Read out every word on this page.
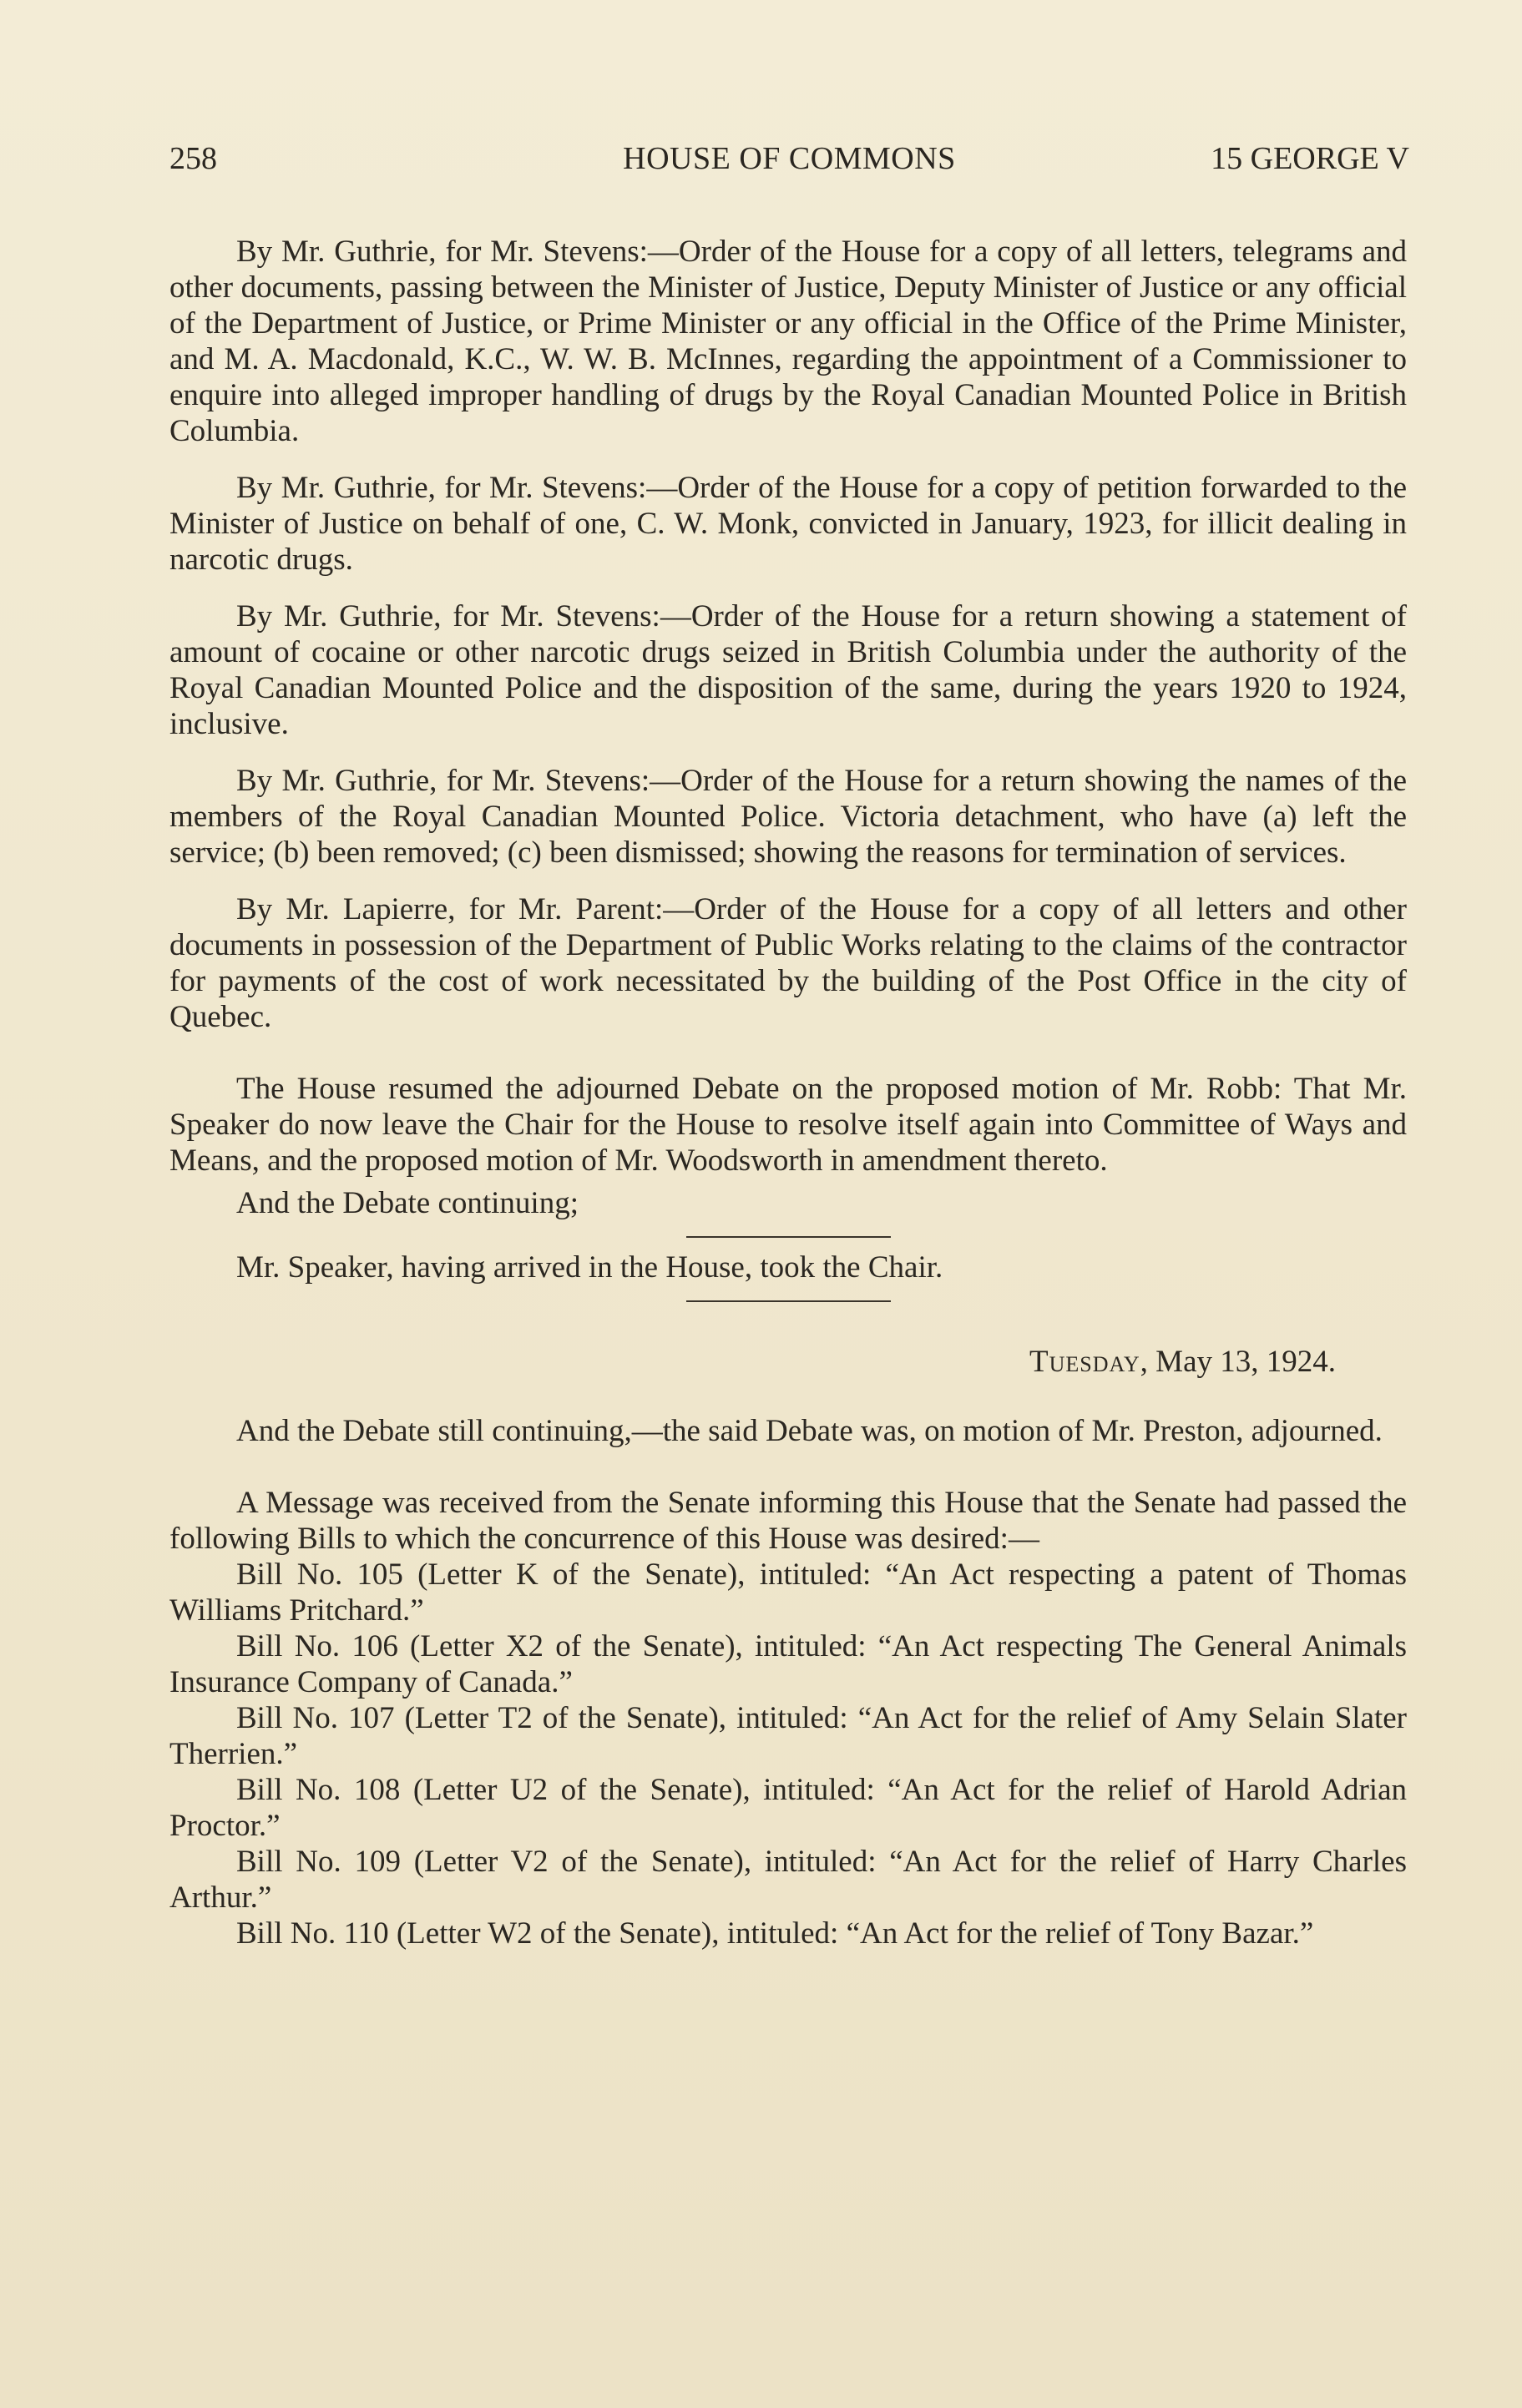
258	HOUSE OF COMMONS	15 GEORGE V

By Mr. Guthrie, for Mr. Stevens:—Order of the House for a copy of all letters, telegrams and other documents, passing between the Minister of Justice, Deputy Minister of Justice or any official of the Department of Justice, or Prime Minister or any official in the Office of the Prime Minister, and M. A. Macdonald, K.C., W. W. B. McInnes, regarding the appointment of a Commissioner to enquire into alleged improper handling of drugs by the Royal Canadian Mounted Police in British Columbia.

By Mr. Guthrie, for Mr. Stevens:—Order of the House for a copy of petition forwarded to the Minister of Justice on behalf of one, C. W. Monk, convicted in January, 1923, for illicit dealing in narcotic drugs.

By Mr. Guthrie, for Mr. Stevens:—Order of the House for a return showing a statement of amount of cocaine or other narcotic drugs seized in British Columbia under the authority of the Royal Canadian Mounted Police and the disposition of the same, during the years 1920 to 1924, inclusive.

By Mr. Guthrie, for Mr. Stevens:—Order of the House for a return showing the names of the members of the Royal Canadian Mounted Police. Victoria detachment, who have (a) left the service; (b) been removed; (c) been dismissed; showing the reasons for termination of services.

By Mr. Lapierre, for Mr. Parent:—Order of the House for a copy of all letters and other documents in possession of the Department of Public Works relating to the claims of the contractor for payments of the cost of work necessitated by the building of the Post Office in the city of Quebec.

The House resumed the adjourned Debate on the proposed motion of Mr. Robb: That Mr. Speaker do now leave the Chair for the House to resolve itself again into Committee of Ways and Means, and the proposed motion of Mr. Woodsworth in amendment thereto.

And the Debate continuing;

Mr. Speaker, having arrived in the House, took the Chair.

Tuesday, May 13, 1924.

And the Debate still continuing,—the said Debate was, on motion of Mr. Preston, adjourned.

A Message was received from the Senate informing this House that the Senate had passed the following Bills to which the concurrence of this House was desired:—

Bill No. 105 (Letter K of the Senate), intituled: “An Act respecting a patent of Thomas Williams Pritchard.”

Bill No. 106 (Letter X2 of the Senate), intituled: “An Act respecting The General Animals Insurance Company of Canada.”

Bill No. 107 (Letter T2 of the Senate), intituled: “An Act for the relief of Amy Selain Slater Therrien.”

Bill No. 108 (Letter U2 of the Senate), intituled: “An Act for the relief of Harold Adrian Proctor.”

Bill No. 109 (Letter V2 of the Senate), intituled: “An Act for the relief of Harry Charles Arthur.”

Bill No. 110 (Letter W2 of the Senate), intituled: “An Act for the relief of Tony Bazar.”
